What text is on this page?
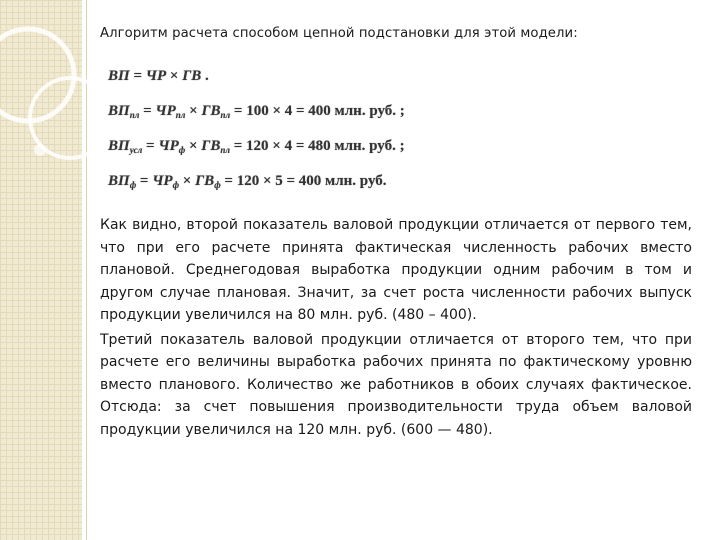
Алгоритм расчета способом цепной подстановки для этой модели:
ВП = ЧР × ГВ .
$ВП_{пл} = ЧР_{пл} \times ГВ_{пл} = 100 \times 4 = 400$ млн. руб. ;
$ВП_{усл} = ЧР_ф \times ГВ_{пл} = 120 \times 4 = 480$ млн. руб. ;
$ВП_ф = ЧР_ф \times ГВ_ф = 120 \times 5 = 400$ млн. руб.

Как видно, второй показатель валовой продукции отличается от первого тем, что при его расчете принята фактическая численность рабочих вместо плановой. Среднегодовая выработка продукции одним рабочим в том и другом случае плановая. Значит, за счет роста численности рабочих выпуск продукции увеличился на 80 млн. руб. (480 – 400).

Третий показатель валовой продукции отличается от второго тем, что при расчете его величины выработка рабочих принята по фактическому уровню вместо планового. Количество же работников в обоих случаях фактическое. Отсюда: за счет повышения производительности труда объем валовой продукции увеличился на 120 млн. руб. (600 — 480).
